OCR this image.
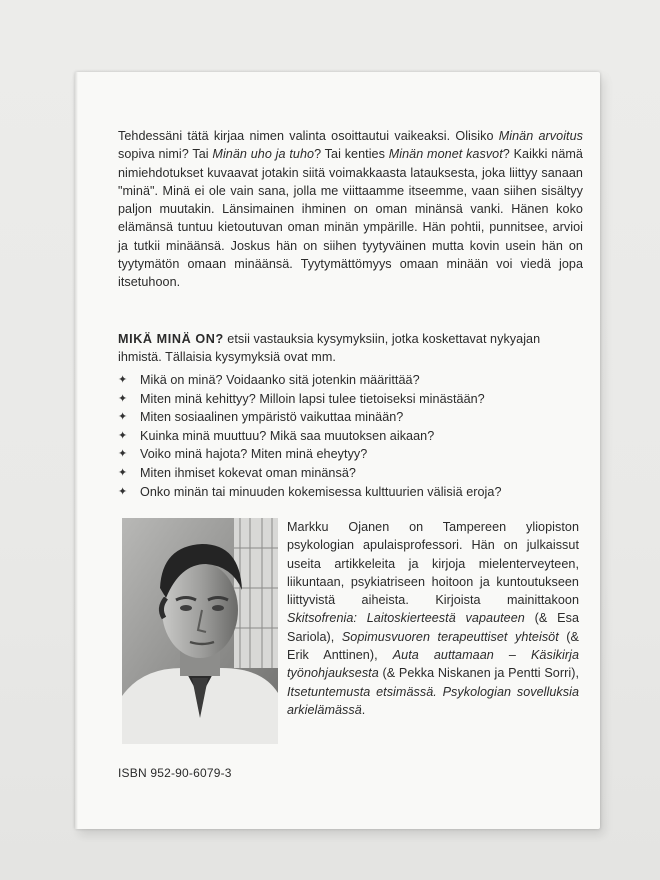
Tehdessäni tätä kirjaa nimen valinta osoittautui vaikeaksi. Olisiko Minän arvoitus sopiva nimi? Tai Minän uho ja tuho? Tai kenties Minän monet kasvot? Kaikki nämä nimiehdotukset kuvaavat jotakin siitä voimakkaasta latauksesta, joka liittyy sanaan "minä". Minä ei ole vain sana, jolla me viittaamme itseemme, vaan siihen sisältyy paljon muutakin. Länsimainen ihminen on oman minänsä vanki. Hänen koko elämänsä tuntuu kietoutuvan oman minän ympärille. Hän pohtii, punnitsee, arvioi ja tutkii minäänsä. Joskus hän on siihen tyytyväinen mutta kovin usein hän on tyytymätön omaan minäänsä. Tyytymättömyys omaan minään voi viedä jopa itsetuhoon.

MIKÄ MINÄ ON? etsii vastauksia kysymyksiin, jotka koskettavat nykyajan ihmistä. Tällaisia kysymyksiä ovat mm.

✦	Mikä on minä? Voidaanko sitä jotenkin määrittää?
✦	Miten minä kehittyy? Milloin lapsi tulee tietoiseksi minästään?
✦	Miten sosiaalinen ympäristö vaikuttaa minään?
✦	Kuinka minä muuttuu? Mikä saa muutoksen aikaan?
✦	Voiko minä hajota? Miten minä eheytyy?
✦	Miten ihmiset kokevat oman minänsä?
✦	Onko minän tai minuuden kokemisessa kulttuurien välisiä eroja?

Markku Ojanen on Tampereen yliopiston psykologian apulaisprofessori. Hän on julkaissut useita artikkeleita ja kirjoja mielenterveyteen, liikuntaan, psykiatriseen hoitoon ja kuntoutukseen liittyvistä aiheista. Kirjoista mainittakoon Skitsofrenia: Laitoskierteestä vapauteen (& Esa Sariola), Sopimusvuoren terapeuttiset yhteisöt (& Erik Anttinen), Auta auttamaan – Käsikirja työnohjauksesta (& Pekka Niskanen ja Pentti Sorri), Itsetuntemusta etsimässä. Psykologian sovelluksia arkielämässä.

ISBN 952-90-6079-3
